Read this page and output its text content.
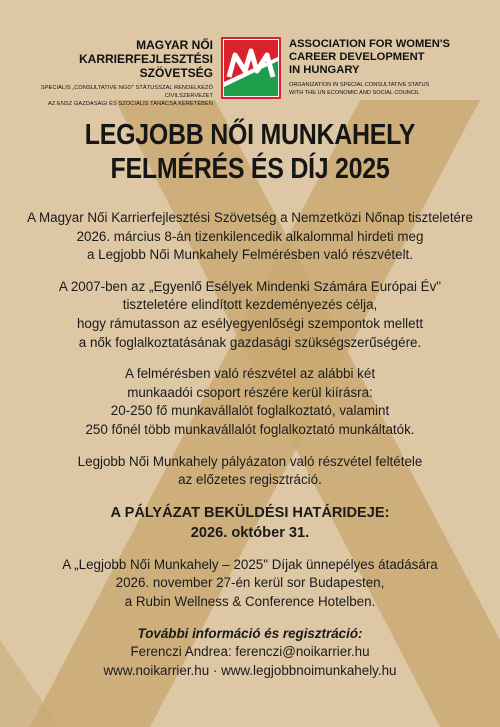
MAGYAR NŐI
KARRIERFEJLESZTÉSI
SZÖVETSÉG
SPECIÁLIS „CONSULTATIVE NGO" STÁTUSSZAL RENDELKEZŐ CIVILSZERVEZET
AZ ENSZ GAZDASÁGI ÉS SZOCIÁLIS TANÁCSA KERETÉBEN
ASSOCIATION FOR WOMEN'S
CAREER DEVELOPMENT
IN HUNGARY
ORGANIZATION IN SPECIAL CONSULTATIVE STATUS
WITH THE UN ECONOMIC AND SOCIAL COUNCIL
LEGJOBB NŐI MUNKAHELY
FELMÉRÉS ÉS DÍJ 2025

A Magyar Női Karrierfejlesztési Szövetség a Nemzetközi Nőnap tiszteletére
2026. március 8-án tizenkilencedik alkalommal hirdeti meg
a Legjobb Női Munkahely Felmérésben való részvételt.

A 2007-ben az „Egyenlő Esélyek Mindenki Számára Európai Év"
tiszteletére elindított kezdeményezés célja,
hogy rámutasson az esélyegyenlőségi szempontok mellett
a nők foglalkoztatásának gazdasági szükségszerűségére.

A felmérésben való részvétel az alábbi két
munkaadói csoport részére kerül kiírásra:
20-250 fő munkavállalót foglalkoztató, valamint
250 főnél több munkavállalót foglalkoztató munkáltatók.

Legjobb Női Munkahely pályázaton való részvétel feltétele
az előzetes regisztráció.

A PÁLYÁZAT BEKÜLDÉSI HATÁRIDEJE:
2026. október 31.

A „Legjobb Női Munkahely – 2025" Díjak ünnepélyes átadására
2026. november 27-én kerül sor Budapesten,
a Rubin Wellness & Conference Hotelben.

További információ és regisztráció:
Ferenczi Andrea: ferenczi@noikarrier.hu
www.noikarrier.hu · www.legjobbnoimunkahely.hu
